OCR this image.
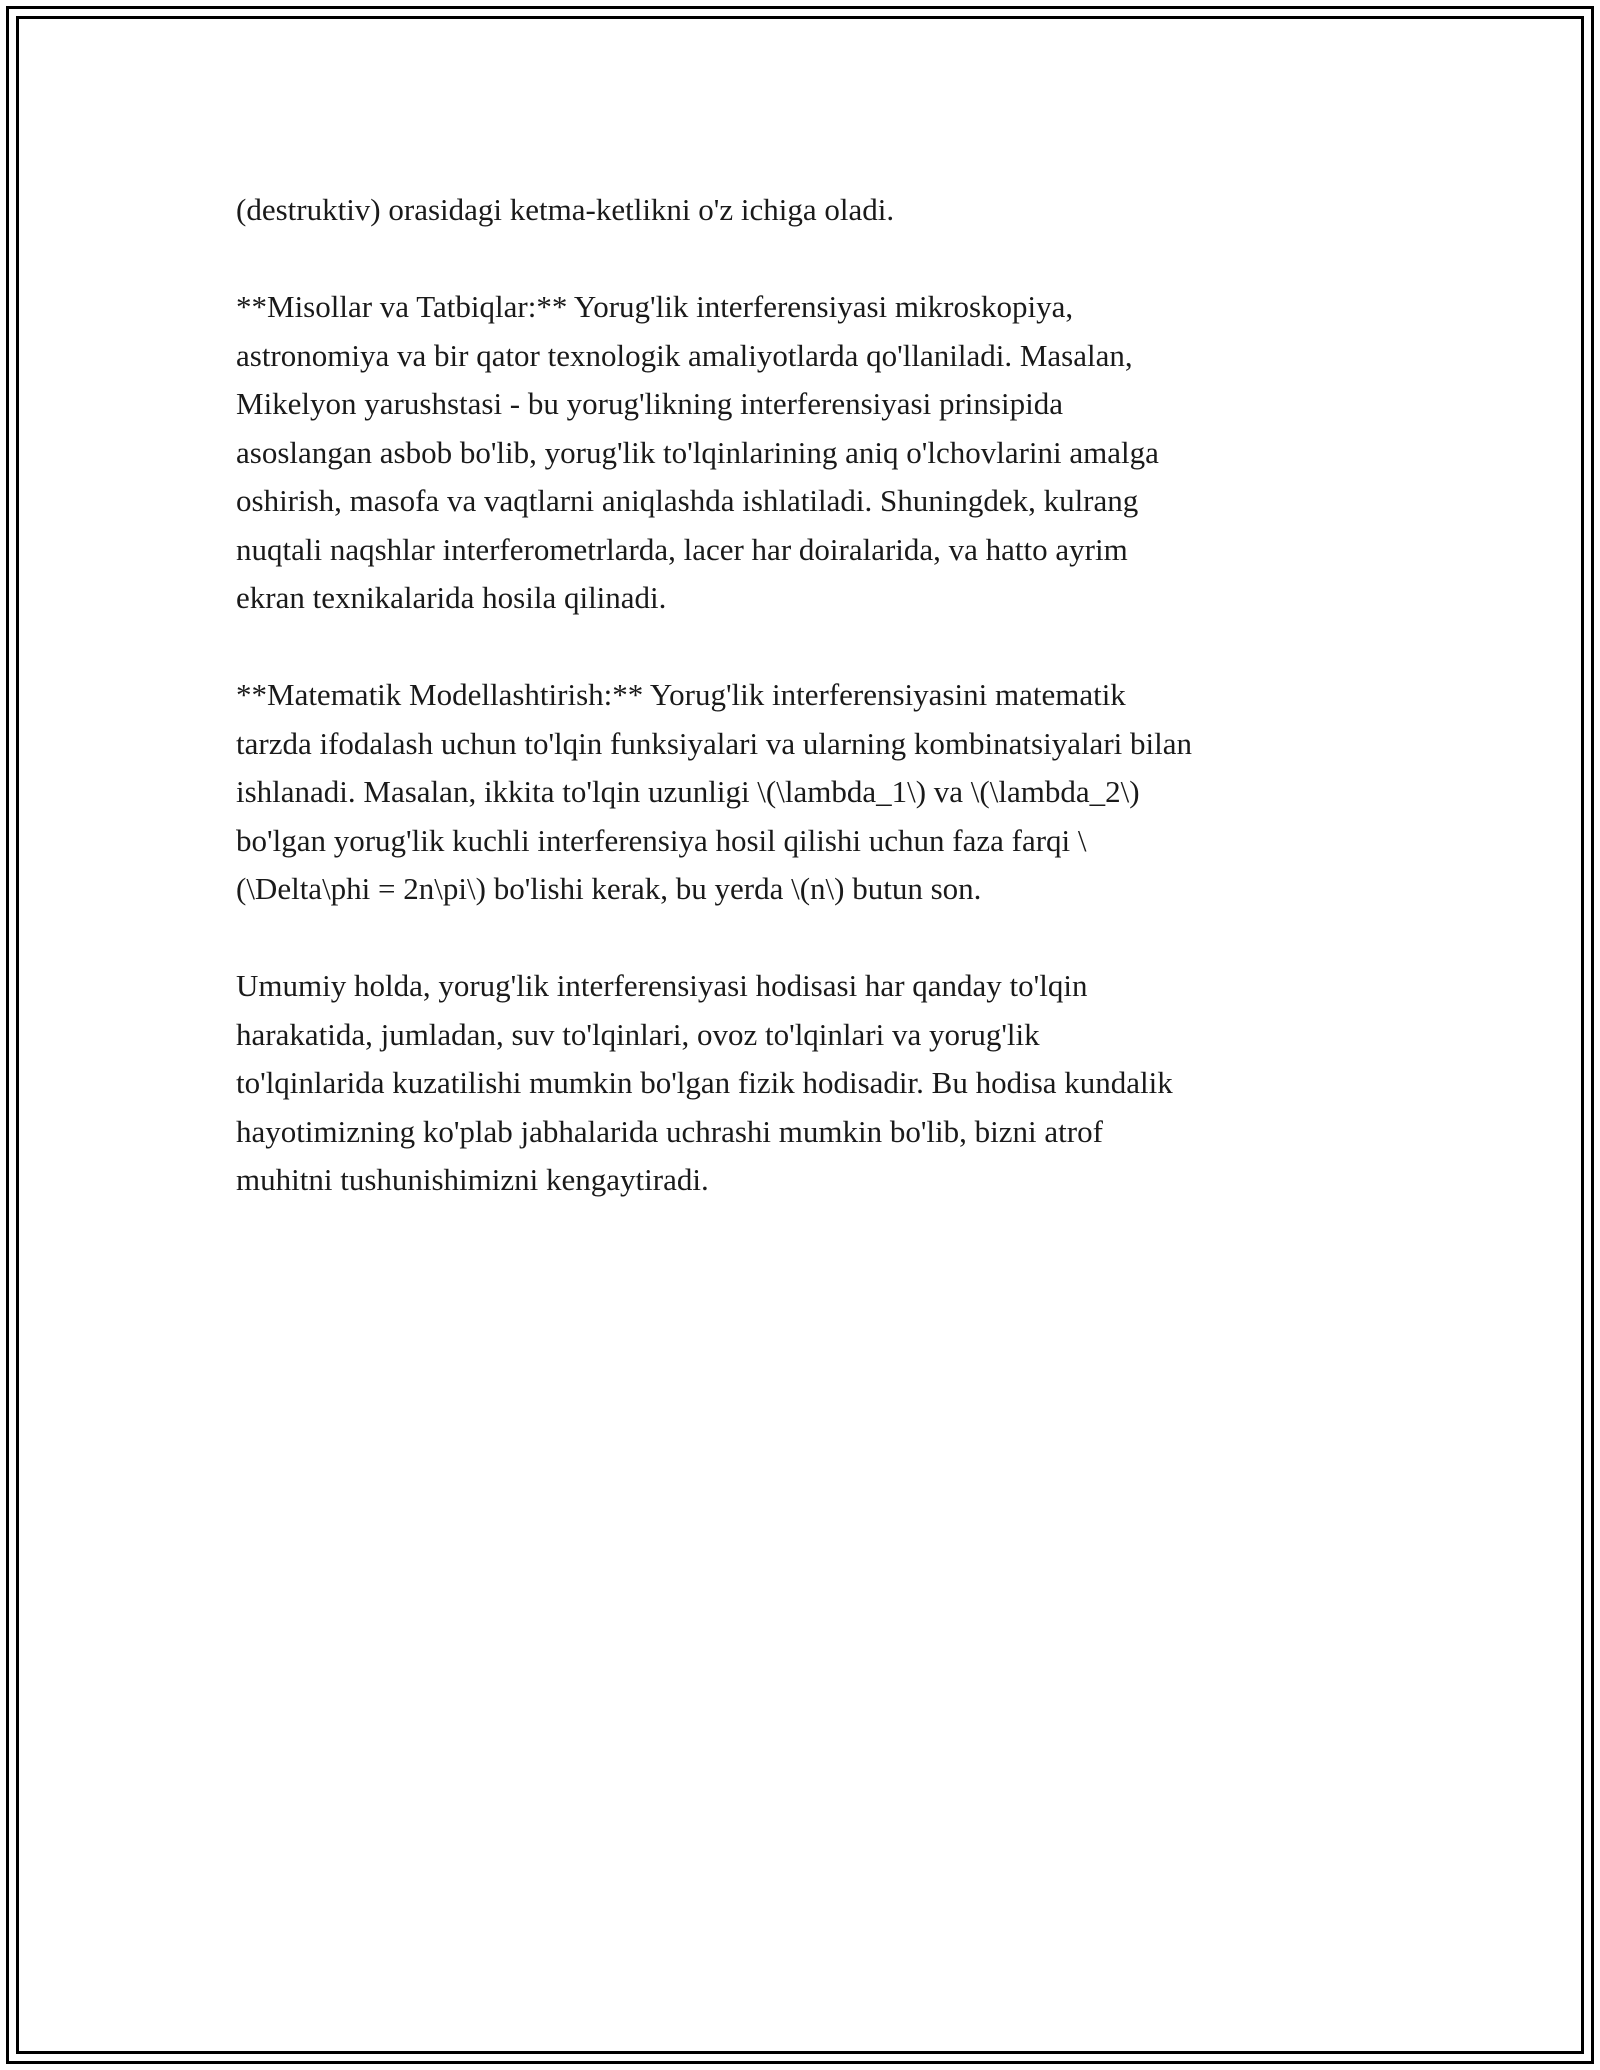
(destruktiv) orasidagi ketma-ketlikni o'z ichiga oladi.

**Misollar va Tatbiqlar:** Yorug'lik interferensiyasi mikroskopiya,
astronomiya va bir qator texnologik amaliyotlarda qo'llaniladi. Masalan,
Mikelyon yarushstasi - bu yorug'likning interferensiyasi prinsipida
asoslangan asbob bo'lib, yorug'lik to'lqinlarining aniq o'lchovlarini amalga
oshirish, masofa va vaqtlarni aniqlashda ishlatiladi. Shuningdek, kulrang
nuqtali naqshlar interferometrlarda, lacer har doiralarida, va hatto ayrim
ekran texnikalarida hosila qilinadi.

**Matematik Modellashtirish:** Yorug'lik interferensiyasini matematik
tarzda ifodalash uchun to'lqin funksiyalari va ularning kombinatsiyalari bilan
ishlanadi. Masalan, ikkita to'lqin uzunligi \(\lambda_1\) va \(\lambda_2\)
bo'lgan yorug'lik kuchli interferensiya hosil qilishi uchun faza farqi \
(\Delta\phi = 2n\pi\) bo'lishi kerak, bu yerda \(n\) butun son.

Umumiy holda, yorug'lik interferensiyasi hodisasi har qanday to'lqin
harakatida, jumladan, suv to'lqinlari, ovoz to'lqinlari va yorug'lik
to'lqinlarida kuzatilishi mumkin bo'lgan fizik hodisadir. Bu hodisa kundalik
hayotimizning ko'plab jabhalarida uchrashi mumkin bo'lib, bizni atrof
muhitni tushunishimizni kengaytiradi.
